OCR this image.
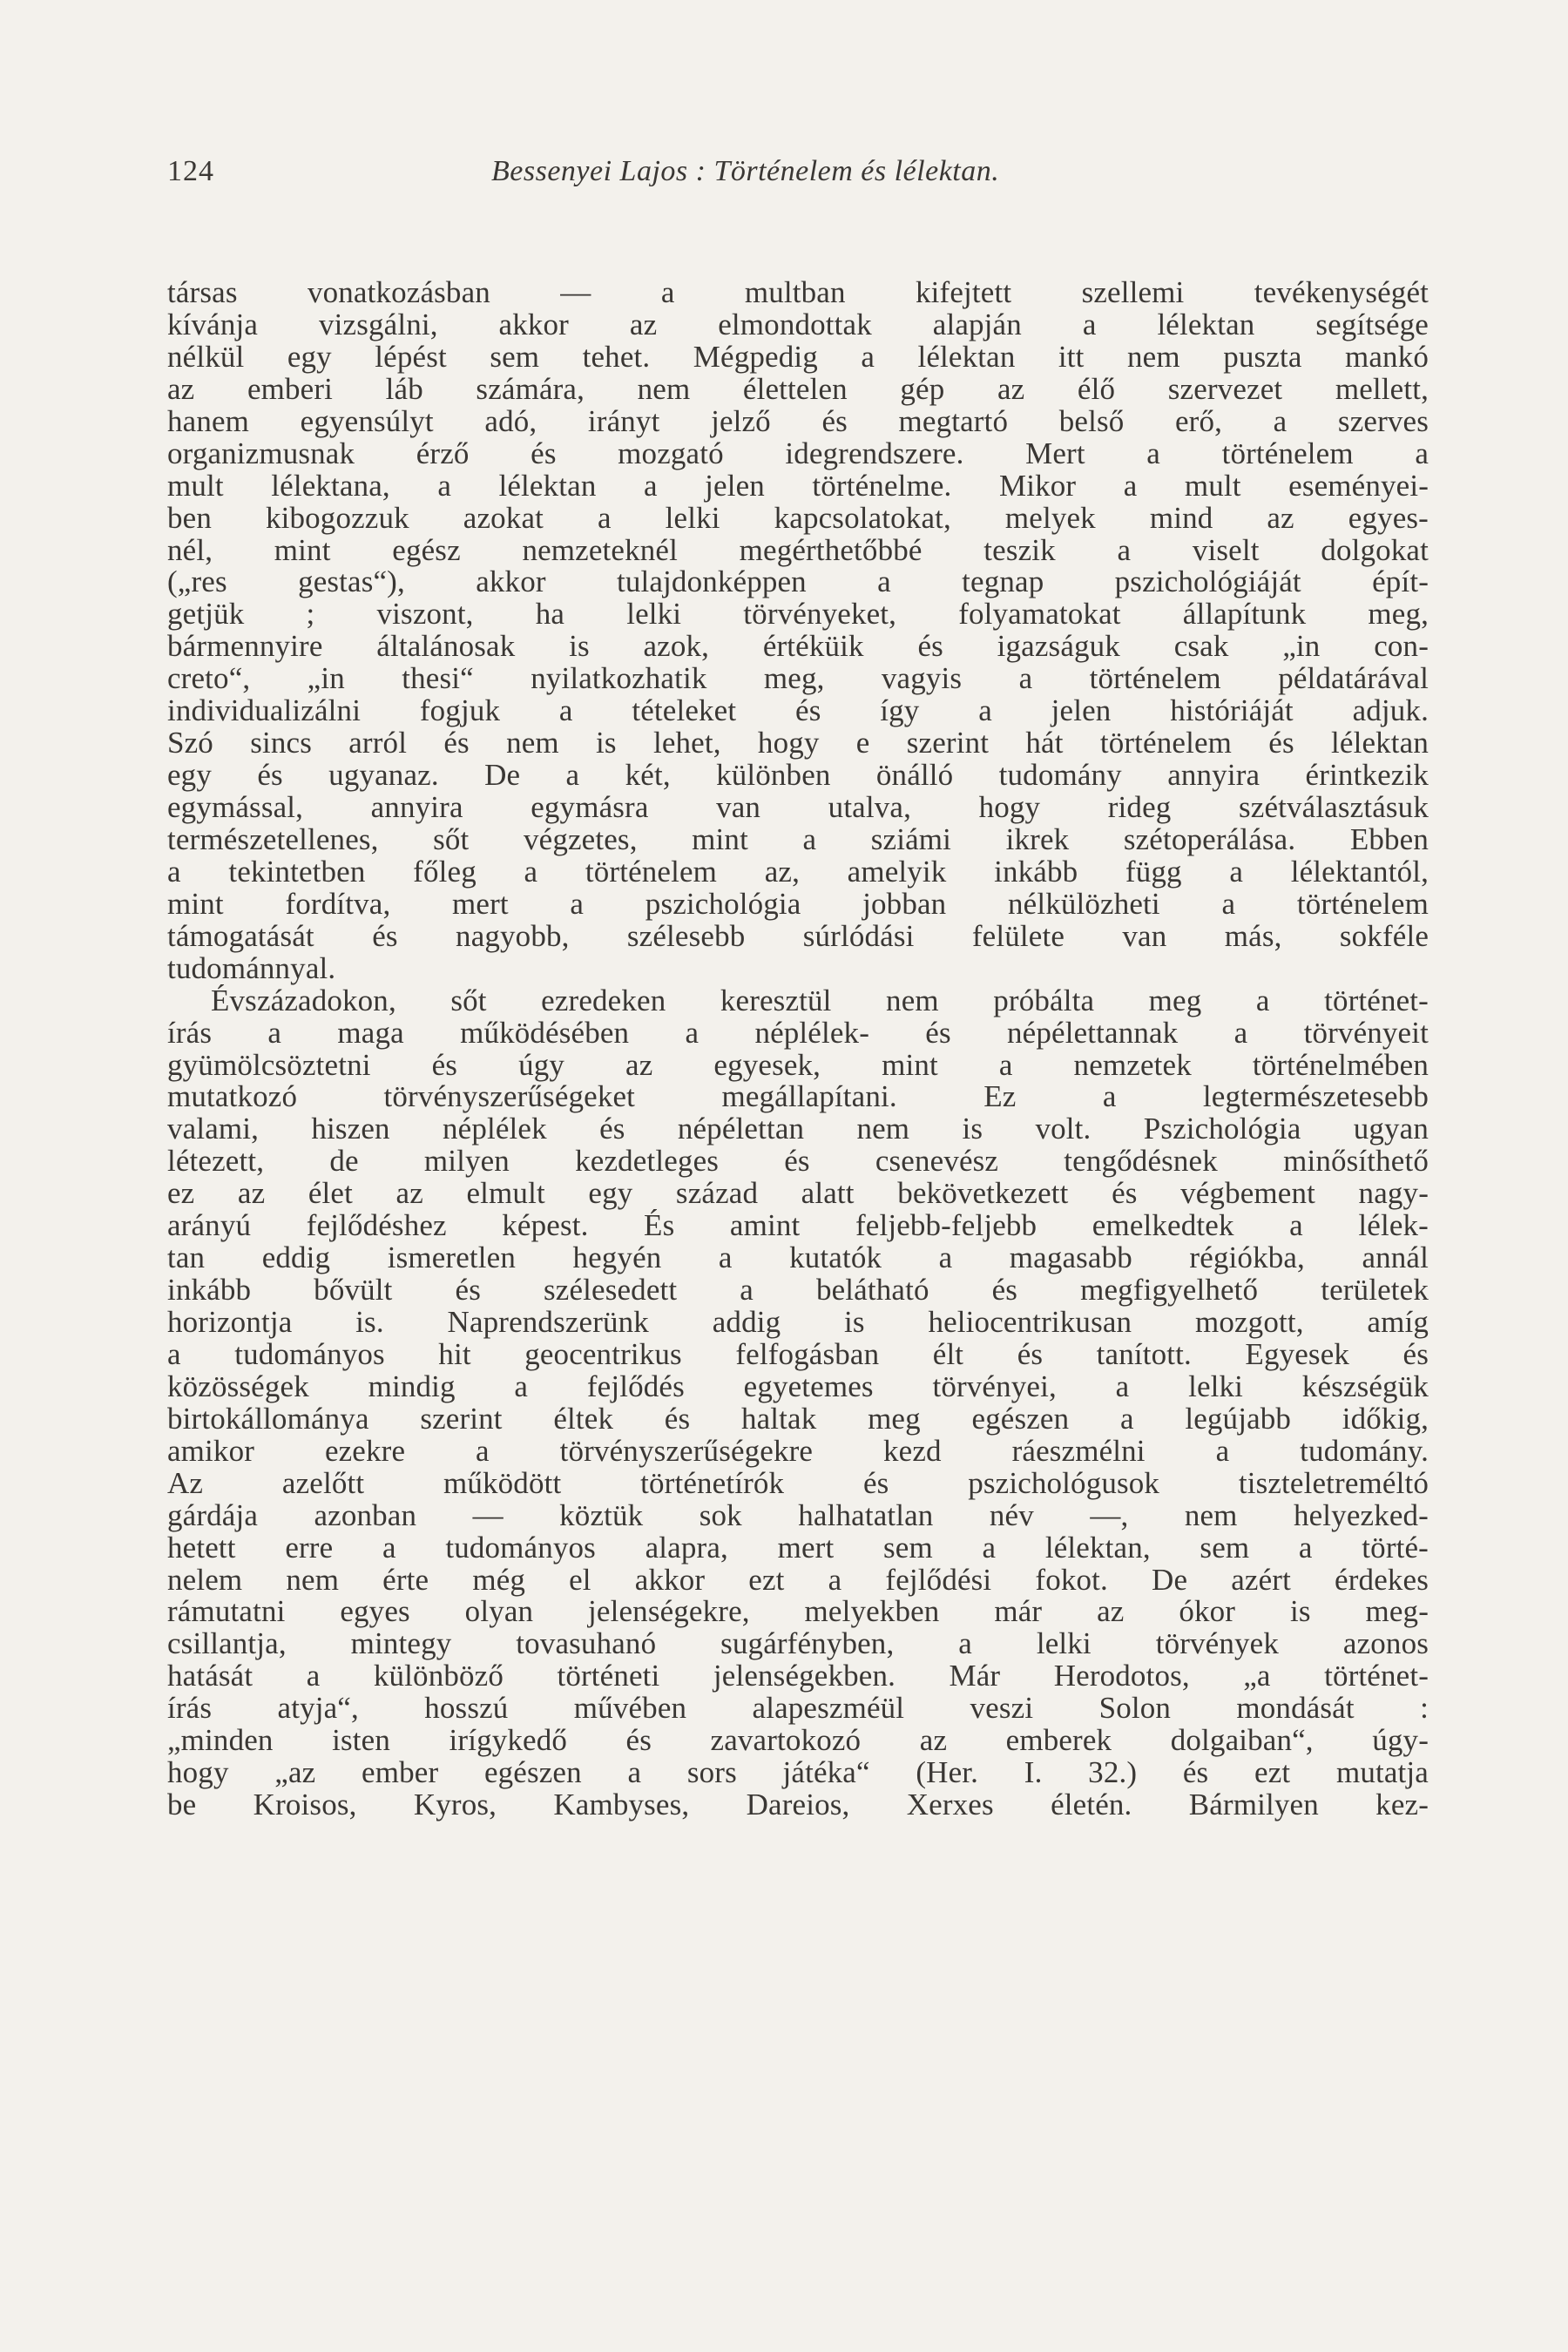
124	Bessenyei Lajos : Történelem és lélektan.
társas vonatkozásban — a multban kifejtett szellemi tevékenységét
kívánja vizsgálni, akkor az elmondottak alapján a lélektan segítsége
nélkül egy lépést sem tehet. Mégpedig a lélektan itt nem puszta mankó
az emberi láb számára, nem élettelen gép az élő szervezet mellett,
hanem egyensúlyt adó, irányt jelző és megtartó belső erő, a szerves
organizmusnak érző és mozgató idegrendszere. Mert a történelem a
mult lélektana, a lélektan a jelen történelme. Mikor a mult eseményei-
ben kibogozzuk azokat a lelki kapcsolatokat, melyek mind az egyes-
nél, mint egész nemzeteknél megérthetőbbé teszik a viselt dolgokat
(„res gestas“), akkor tulajdonképpen a tegnap pszichológiáját épít-
getjük ; viszont, ha lelki törvényeket, folyamatokat állapítunk meg,
bármennyire általánosak is azok, értéküik és igazságuk csak „in con-
creto“, „in thesi“ nyilatkozhatik meg, vagyis a történelem példatárával
individualizálni fogjuk a tételeket és így a jelen históriáját adjuk.
Szó sincs arról és nem is lehet, hogy e szerint hát történelem és lélektan
egy és ugyanaz. De a két, különben önálló tudomány annyira érintkezik
egymással, annyira egymásra van utalva, hogy rideg szétválasztásuk
természetellenes, sőt végzetes, mint a sziámi ikrek szétoperálása. Ebben
a tekintetben főleg a történelem az, amelyik inkább függ a lélektantól,
mint fordítva, mert a pszichológia jobban nélkülözheti a történelem
támogatását és nagyobb, szélesebb súrlódási felülete van más, sokféle
tudománnyal.
Évszázadokon, sőt ezredeken keresztül nem próbálta meg a történet-
írás a maga működésében a néplélek- és népélettannak a törvényeit
gyümölcsöztetni és úgy az egyesek, mint a nemzetek történelmében
mutatkozó törvényszerűségeket megállapítani. Ez a legtermészetesebb
valami, hiszen néplélek és népélettan nem is volt. Pszichológia ugyan
létezett, de milyen kezdetleges és csenevész tengődésnek minősíthető
ez az élet az elmult egy század alatt bekövetkezett és végbement nagy-
arányú fejlődéshez képest. És amint feljebb-feljebb emelkedtek a lélek-
tan eddig ismeretlen hegyén a kutatók a magasabb régiókba, annál
inkább bővült és szélesedett a belátható és megfigyelhető területek
horizontja is. Naprendszerünk addig is heliocentrikusan mozgott, amíg
a tudományos hit geocentrikus felfogásban élt és tanított. Egyesek és
közösségek mindig a fejlődés egyetemes törvényei, a lelki készségük
birtokállományа szerint éltek és haltak meg egészen a legújabb időkig,
amikor ezekre a törvényszerűségekre kezd ráeszmélni a tudomány.
Az azelőtt működött történetírók és pszichológusok tiszteletreméltó
gárdája azonban — köztük sok halhatatlan név —, nem helyezked-
hetett erre a tudományos alapra, mert sem a lélektan, sem a törté-
nelem nem érte még el akkor ezt a fejlődési fokot. De azért érdekes
rámutatni egyes olyan jelenségekre, melyekben már az ókor is meg-
csillantja, mintegy tovasuhanó sugárfényben, a lelki törvények azonos
hatását a különböző történeti jelenségekben. Már Herodotos, „a történet-
írás atyja“, hosszú művében alapeszméül veszi Solon mondását :
„minden isten irígykedő és zavartokozó az emberek dolgaiban“, úgy-
hogy „az ember egészen a sors játéka“ (Her. I. 32.) és ezt mutatja
be Kroisos, Kyros, Kambyses, Dareios, Xerxes életén. Bármilyen kez-
